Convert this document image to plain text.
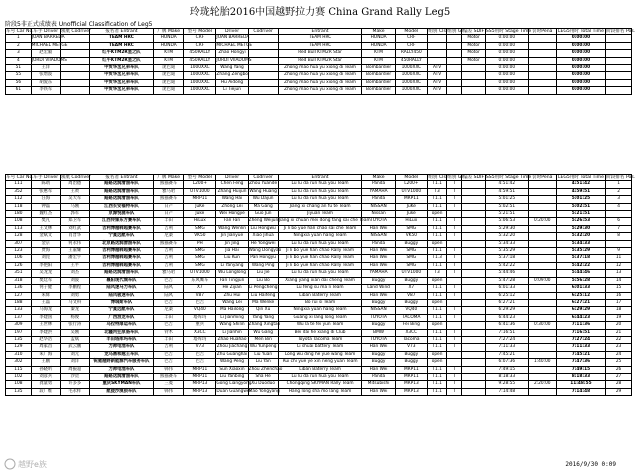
玲珑轮胎2016中国越野拉力赛 China Grand Rally Leg5
阶段5非正式成绩表 Unofficial Classification of Leg5
车号 Car No.	车手 Driver	领航 Codriver	报名者 Entrant	厂牌 Make	型号 Model	Driver	Codriver	Entrant	Make	Model	组别 Cls	组别 Gr	偏差 SDIF	SS5用时 Stage Time	罚时Pena	LEG5用时 Total Time	阶段排名 Pos.
1	JOAN BARREDA		TEAM HRC	HONDA	CRF	JOAN BARREDA		TEAM HRC	HONDA	CRF			Motor	0:00:00		0:00:00	
2	MICHAEL METGE		TEAM HRC	HONDA	CRF	MICHAEL METGE		TEAM HRC	HONDA	CRF			Motor	0:00:00		0:00:00	
3	赵宏毅		红牛KTM2R星之队	KTM	450RALLY	Zhao Hongyi		Red Bull KTM2R Star	KTM	RALLY450			Motor	0:00:00		0:00:00	
4	JORDI VIIADOMS		红牛KTM2R星之队	KTM	450RALLY	JORDI VIIADOMS		Red Bull KTM2R Star	KTM	450RALLY			Motor	0:00:00		0:00:00	
51	王洋		中贸华丞兄弟车队	庞巴迪	1000XXC	Wang Yang		Zhong mao hua yu xiong di Team	Bombardier	1000XXC	ATV			0:00:00		0:00:00	
55	张增波		中贸华丞兄弟车队	庞巴迪	1000XXC	Zhang Zengbo		Zhong mao hua yu xiong di Team	Bombardier	1000XXC	ATV			0:00:00		0:00:00	
56	胡爱东		中贸华丞兄弟车队	庞巴迪	1000XXC	Hu Aidong		Zhong mao hua yu xiong di Team	Bombardier	1000XXC	ATV			0:00:00		0:00:00	
61	李铁军		中贸华丞兄弟车队	庞巴迪	1000XXC	Li Tiejun		Zhong mao hua yu xiong di Team	Bombardier	1000XXC	ATV			0:00:00		0:00:00	
车号 Car No.	车手 Driver	领航 Codriver	报名者 Entrant	厂牌 Make	型号 Model	Driver	Codriver	Entrant	Make	Model	组别 Cls	组别 Gr	偏差 SDIF	SS5用时 Stage Time	罚时Pena	LEG5用时 Total Time	阶段排名 Pos.
111	陈靖	周治德	路路达润滑油车队	熊猫赛车	L200+	Chen Feng	Zhou Yuande	Lu lu da run hua you Team	Panda	L200+	T1.1	T		4:51:42		4:51:42	1
352	张惠军	王黄	路路达润滑油车队	雅马哈	UTV1000	Zhang Huijun	Wang Huang	Lu lu da run hua you Team	YAMAHA	UTV1000	T3	T		4:59:51		4:59:51	2
112	汪海	吴大军	路路达润滑油车队	熊猫赛车	MRP11	Wang Hai	Wu Dajun	Lu lu da run hua you Team	Panda	MRP11	T1.1	T		5:01:25		5:01:25	3
118	钟磊	马刚	江西长安福特车队	日产	JuKe	Zhong Lei	Ma Gang	Jiang xi chang an fu te Team	NISSAN	JuKe	T1.1	T		5:02:51		5:02:51	4
180	魏红杰	郭军	京源悦驰车队	日产	Juke	Wei Hongjie	Guo Jun	Jiyuan Team	Nissan	Juke	open			5:21:51		5:21:51	
108	樊凡	郑卫军	江西传媒东方赛车队	丰田	HiLux	Fan Fan	Zheng Weijun	Jiang xi chuan mei dong fang sai che Team	TOYOTA	HiLux	T1.1	T		5:06:53	0:20:00	5:26:53	6
113	王文林	刘红武	吉利博越韩超赛车队	吉利	SMG	Wang Wenlin	Liu Hongwu	Ji li bo yue han chao sai che Team	Han Wei	SMG	T1.1	T		5:29:30		5:29:30	7
128	金斌文	肖晋华	宁夏远航车队	尼桑	VK50	Jin Jianyue	Xiao Jihua	Ningxia yuan hang Team	NISSAN	VK50	T1.1	T		5:32:20		5:32:20	8
307	金京	何永伟	北京路达润滑油车队	熊猫赛车	PH	Jin Jing	He Yongwei	Lu lu da run hua you Team	Panda	Buggy	open			5:34:33		5:34:33	
123	贾海	王董耀	吉利博越韩超赛车队	吉利	SMG	Jia Hai	Wang Dongyao	Ji li bo yue han chao Rally Team	Han Wei	SMG	T1.1	T		5:35:29		5:35:29	9
106	刘昆	潘宏宇	吉利博越韩超赛车队	吉利	SMG	Liu Kun	Pan Hongyu	Ji li bo yue han chao Rally Team	Han Wei	SMG	T1.3	T		5:37:18		5:37:18	11
126	李艳阳	王平	吉利博越韩超赛车队	吉利	SMG	Li Yanyang	Wang Ping	Ji li bo yue han chao Rally Team	Han Wei	SMG	T1.1	T		5:42:22		5:42:22	12
351	吴龙龙	刘杰	路路达润滑油车队	雅马哈	UTV1000	Wu Longlong	Liu Jie	Lu lu da run hua you Team	YAMAHA	UTV1000	T3	T		5:44:46		5:44:46	13
318	樊廷军	刘波	襄阳现代城车队	巴吉	东风鹰车	Fan Tingjun	Liu Bo	Xiang yang xian dai cheng Team	Buggy	Buggy	open			5:47:28	0:09:00	5:56:28	14
136	何子健	李鹏程	陆风速马力车队	陆风	X7	He Zijian	Li Pengcheng	Lu feng su ma li Team	Land Wind	X7	T1.1	T		6:01:33		6:01:33	15
127	朱辉	刘勇	陆风极速车队	陆风	V87	Zhu Hui	Liu Haifeng	Liban Baterry Team	Han Wei	V87	T1.1	T		6:25:12		6:25:12	16
188	王磊	马文科	博瑞斯车队	巴吉	巴吉	Wang Lei	Ma Wenke	Bo rui si Team	Buggy	Buggy	open			6:27:21		6:27:21	17
133	马海龙	秦龙	宁夏远航车队	尼桑	VQ40	Ma Hailong	Qin Xu	Ningxia yuan hang Team	NISSAN	VQ40	T1.1	T		6:29:29		6:29:29	18
137	李建国	杨俊	广西浪龙车队	丰田	塔库玛	Li Jianming	Yang Yang	Guang xi lang long Team	TOYOTA	TACOMA	T1.1	T		6:44:23		6:44:23	19
309	王世林	张行涛	乌拉特扉运车队	巴吉	重兵	Wang Shilin	Zhang Xingtao	Wu la te fei yun Team	Buggy	Fei Bing	open			6:41:36	0:30:00	7:11:36	20
197	李建洪	吴刚	北疆河狂原骆车队	铃木	X3CC	Li Jianhin	Wu Gang	Bei dai he xiang di Club	BMW	X3CC	T1.1	T		7:16:51		7:16:51	21
135	赵华浩	孟斌	丰田塔库玛车队	丰田	塔库玛	Zhao Huahao	Men Bin	Toyota Tacoma Team	TOYOTA	Tacoma	T1.1	T		7:27:24		7:27:24	22
129	周家昌	武云鹏	力帅电池车队	吉利	V73	Zhou Jiachang	Wu Yunpeng	Li shuai battery Team	Han Wei	V73	T1.1	T		7:11:33		7:11:33	23
310	朱广海	刘元	龙乌鼎和越王车队	巴吉	巴吉	Zhu Guanghai	Liu Yuan	Long wu ding he yue wang Team	Buggy	Buggy	open			7:45:21		7:45:21	24
302	王鹏	刘洋	锐驰越野新能源汽车服务车队	巴吉	巴吉	Wang Peng	Liu Yan	Rui chi yue ye xin neng yuan Team	Buggy	Buggy	open			6:07:36	1:40:00	7:47:36	25
115	孙晓昕	周振超	力帅电池车队	韩伟	MRP11	Sun Xiaoxin	Zhou Zhenchao	Liban Baterry Team	Han Wei	MRP11	T1.1	T		7:49:15		7:49:15	26
102	刘彦兵	沙贺	路路达润滑油车队	熊猫赛车	MRP11	Liu Yanbing	Sha He	Lu lu da run hua you Team	Panda	MRP11	T1.1	T		8:18:33		8:18:33	27
108	龚量勇	许多多	重庆SKYMAN车队	三菱	MRP13	Gong Liangyong	Xu Duoduo	Chongqing SKYMAN Rally Team	Mitsubishi	MRP13	T1.1	T		9:28:55	2:20:00	11:48:55	28
135	段广维	毛永样	航拢沙漠狼车队	韩伟	MRP13	Duan Guangwei	Mao Yongyang	Hang long sha mo lang Team	Han Wei	MRP13	T1.1	T		7:14:48		7:14:48	29
越野e族	2016/9/30 0:09
